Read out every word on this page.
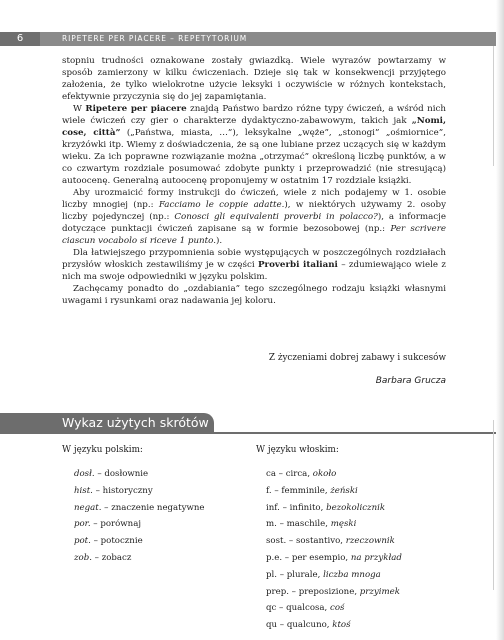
6	RIPETERE PER PIACERE – REPETYTORIUM

stopniu trudności oznakowane zostały gwiazdką. Wiele wyrazów powtarzamy w sposób zamierzony w kilku ćwiczeniach. Dzieje się tak w konsekwencji przyjętego założenia, że tylko wielokrotne użycie leksyki i oczywiście w różnych kontekstach, efektywnie przyczynia się do jej zapamiętania.

W Ripetere per piacere znajdą Państwo bardzo różne typy ćwiczeń, a wśród nich wiele ćwiczeń czy gier o charakterze dydaktyczno-zabawowym, takich jak „Nomi, cose, città” („Państwa, miasta, …”), leksykalne „węże”, „stonogi” „ośmiornice”, krzyżówki itp. Wiemy z doświadczenia, że są one lubiane przez uczących się w każdym wieku. Za ich poprawne rozwiązanie można „otrzymać” określoną liczbę punktów, a w co czwartym rozdziale posumować zdobyte punkty i przeprowadzić (nie stresującą) autoocenę. Generalną autoocenę proponujemy w ostatnim 17 rozdziale książki.

Aby urozmaicić formy instrukcji do ćwiczeń, wiele z nich podajemy w 1. osobie liczby mnogiej (np.: Facciamo le coppie adatte.), w niektórych używamy 2. osoby liczby pojedynczej (np.: Conosci gli equivalenti proverbi in polacco?), a informacje dotyczące punktacji ćwiczeń zapisane są w formie bezosobowej (np.: Per scrivere ciascun vocabolo si riceve 1 punto.).

Dla łatwiejszego przypomnienia sobie występujących w poszczególnych rozdziałach przysłów włoskich zestawiliśmy je w części Proverbi italiani – zdumiewająco wiele z nich ma swoje odpowiedniki w języku polskim.

Zachęcamy ponadto do „ozdabiania” tego szczególnego rodzaju książki własnymi uwagami i rysunkami oraz nadawania jej koloru.

Z życzeniami dobrej zabawy i sukcesów
Barbara Grucza
Wykaz użytych skrótów
W języku polskim:	W języku włoskim:
dosł. – dosłownie
hist. – historyczny
negat. – znaczenie negatywne
por. – porównaj
pot. – potocznie
zob. – zobacz
ca – circa, około
f. – femminile, żeński
inf. – infinito, bezokolicznik
m. – maschile, męski
sost. – sostantivo, rzeczownik
p.e. – per esempio, na przykład
pl. – plurale, liczba mnoga
prep. – preposizione, przyimek
qc – qualcosa, coś
qu – qualcuno, ktoś
